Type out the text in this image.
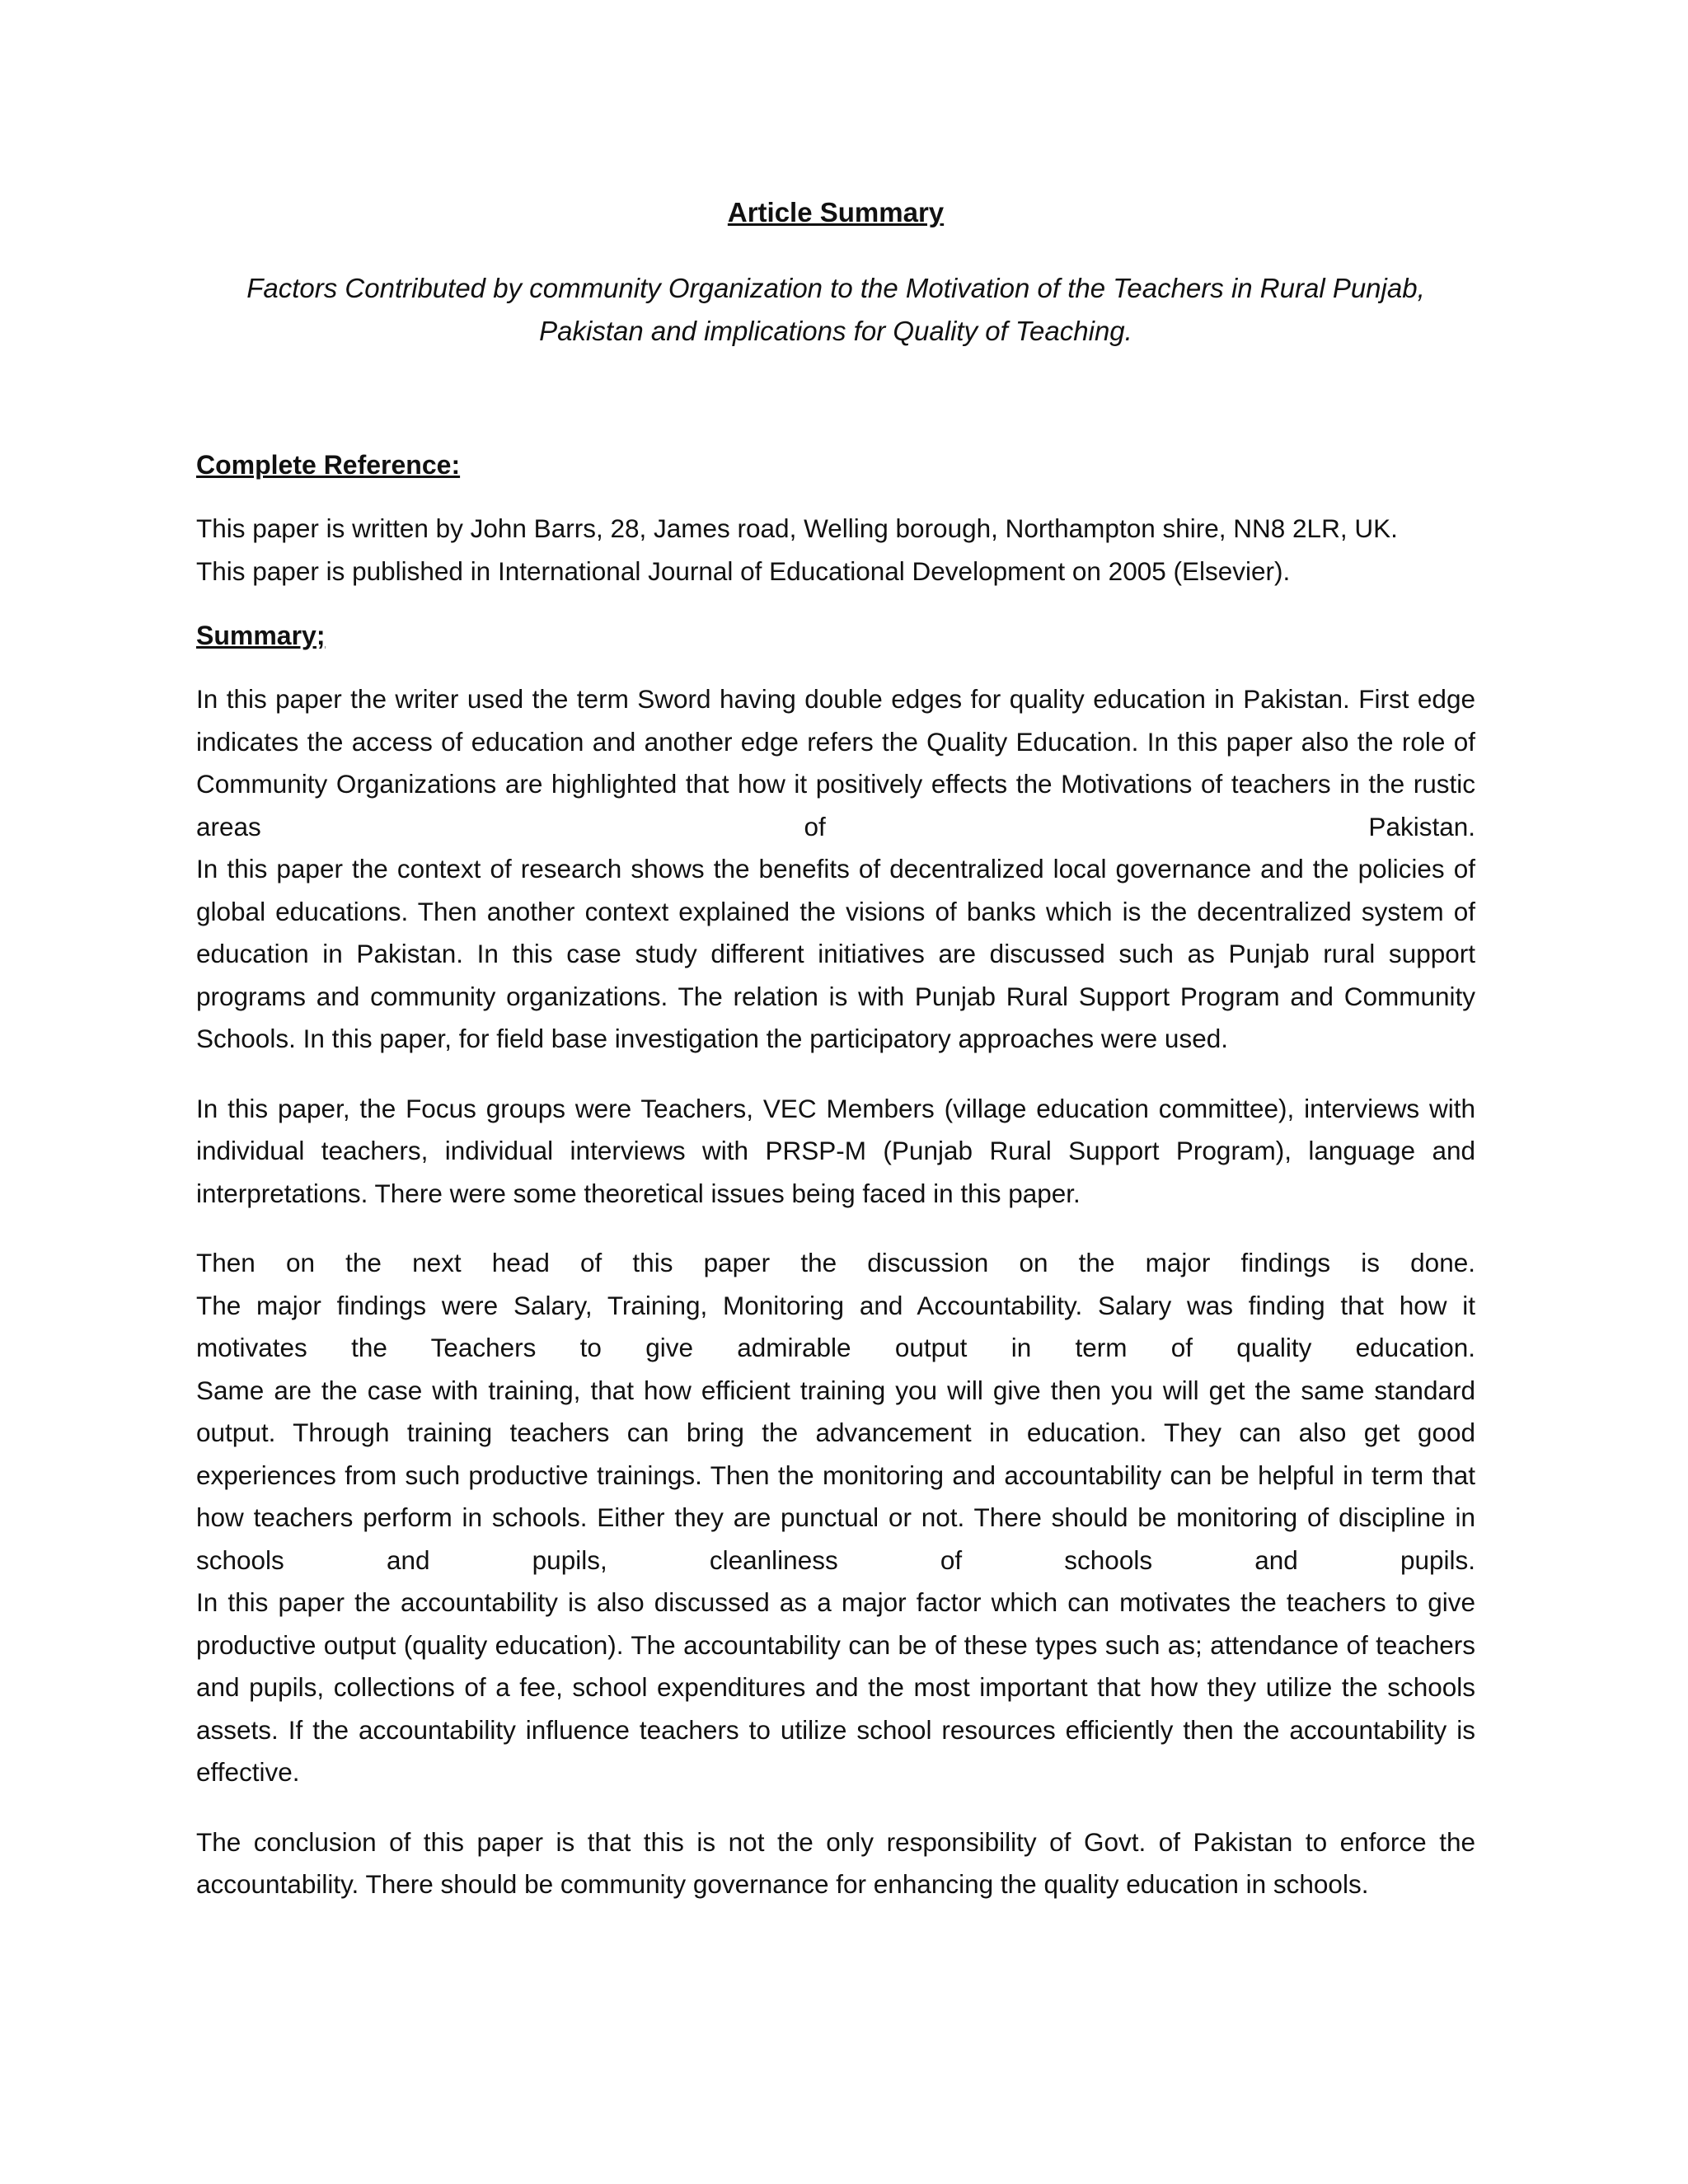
Article Summary
Factors Contributed by community Organization to the Motivation of the Teachers in Rural Punjab, Pakistan and implications for Quality of Teaching.
Complete Reference:
This paper is written by John Barrs, 28, James road, Welling borough, Northampton shire, NN8 2LR, UK.
This paper is published in International Journal of Educational Development on 2005 (Elsevier).
Summary;
In this paper the writer used the term Sword having double edges for quality education in Pakistan. First edge indicates the access of education and another edge refers the Quality Education. In this paper also the role of Community Organizations are highlighted that how it positively effects the Motivations of teachers in the rustic areas of Pakistan.
In this paper the context of research shows the benefits of decentralized local governance and the policies of global educations. Then another context explained the visions of banks which is the decentralized system of education in Pakistan. In this case study different initiatives are discussed such as Punjab rural support programs and community organizations. The relation is with Punjab Rural Support Program and Community Schools. In this paper, for field base investigation the participatory approaches were used.
In this paper, the Focus groups were Teachers, VEC Members (village education committee), interviews with individual teachers, individual interviews with PRSP-M (Punjab Rural Support Program), language and interpretations. There were some theoretical issues being faced in this paper.
Then on the next head of this paper the discussion on the major findings is done.
The major findings were Salary, Training, Monitoring and Accountability. Salary was finding that how it motivates the Teachers to give admirable output in term of quality education.
Same are the case with training, that how efficient training you will give then you will get the same standard output. Through training teachers can bring the advancement in education. They can also get good experiences from such productive trainings. Then the monitoring and accountability can be helpful in term that how teachers perform in schools. Either they are punctual or not. There should be monitoring of discipline in schools and pupils, cleanliness of schools and pupils.
In this paper the accountability is also discussed as a major factor which can motivates the teachers to give productive output (quality education). The accountability can be of these types such as; attendance of teachers and pupils, collections of a fee, school expenditures and the most important that how they utilize the schools assets. If the accountability influence teachers to utilize school resources efficiently then the accountability is effective.
The conclusion of this paper is that this is not the only responsibility of Govt. of Pakistan to enforce the accountability. There should be community governance for enhancing the quality education in schools.
